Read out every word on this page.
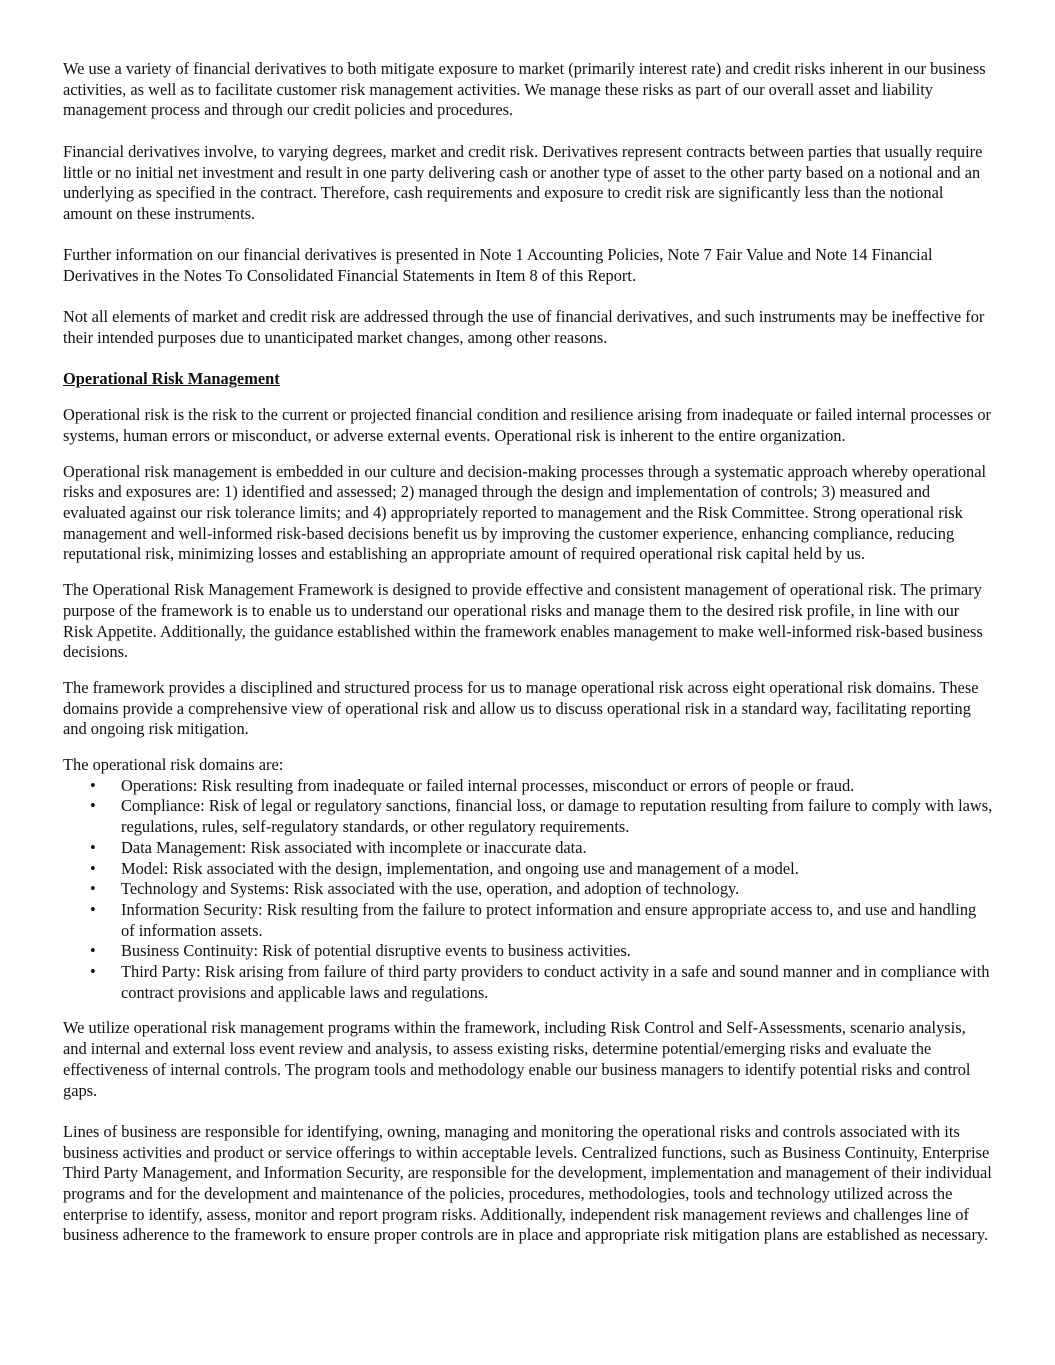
We use a variety of financial derivatives to both mitigate exposure to market (primarily interest rate) and credit risks inherent in our business activities, as well as to facilitate customer risk management activities. We manage these risks as part of our overall asset and liability management process and through our credit policies and procedures.

Financial derivatives involve, to varying degrees, market and credit risk. Derivatives represent contracts between parties that usually require little or no initial net investment and result in one party delivering cash or another type of asset to the other party based on a notional and an underlying as specified in the contract. Therefore, cash requirements and exposure to credit risk are significantly less than the notional amount on these instruments.

Further information on our financial derivatives is presented in Note 1 Accounting Policies, Note 7 Fair Value and Note 14 Financial Derivatives in the Notes To Consolidated Financial Statements in Item 8 of this Report.

Not all elements of market and credit risk are addressed through the use of financial derivatives, and such instruments may be ineffective for their intended purposes due to unanticipated market changes, among other reasons.

Operational Risk Management

Operational risk is the risk to the current or projected financial condition and resilience arising from inadequate or failed internal processes or systems, human errors or misconduct, or adverse external events. Operational risk is inherent to the entire organization.

Operational risk management is embedded in our culture and decision-making processes through a systematic approach whereby operational risks and exposures are: 1) identified and assessed; 2) managed through the design and implementation of controls; 3) measured and evaluated against our risk tolerance limits; and 4) appropriately reported to management and the Risk Committee. Strong operational risk management and well-informed risk-based decisions benefit us by improving the customer experience, enhancing compliance, reducing reputational risk, minimizing losses and establishing an appropriate amount of required operational risk capital held by us.

The Operational Risk Management Framework is designed to provide effective and consistent management of operational risk. The primary purpose of the framework is to enable us to understand our operational risks and manage them to the desired risk profile, in line with our Risk Appetite. Additionally, the guidance established within the framework enables management to make well-informed risk-based business decisions.

The framework provides a disciplined and structured process for us to manage operational risk across eight operational risk domains. These domains provide a comprehensive view of operational risk and allow us to discuss operational risk in a standard way, facilitating reporting and ongoing risk mitigation.

The operational risk domains are:

• Operations: Risk resulting from inadequate or failed internal processes, misconduct or errors of people or fraud.
• Compliance: Risk of legal or regulatory sanctions, financial loss, or damage to reputation resulting from failure to comply with laws, regulations, rules, self-regulatory standards, or other regulatory requirements.
• Data Management: Risk associated with incomplete or inaccurate data.
• Model: Risk associated with the design, implementation, and ongoing use and management of a model.
• Technology and Systems: Risk associated with the use, operation, and adoption of technology.
• Information Security: Risk resulting from the failure to protect information and ensure appropriate access to, and use and handling of information assets.
• Business Continuity: Risk of potential disruptive events to business activities.
• Third Party: Risk arising from failure of third party providers to conduct activity in a safe and sound manner and in compliance with contract provisions and applicable laws and regulations.

We utilize operational risk management programs within the framework, including Risk Control and Self-Assessments, scenario analysis, and internal and external loss event review and analysis, to assess existing risks, determine potential/emerging risks and evaluate the effectiveness of internal controls. The program tools and methodology enable our business managers to identify potential risks and control gaps.

Lines of business are responsible for identifying, owning, managing and monitoring the operational risks and controls associated with its business activities and product or service offerings to within acceptable levels. Centralized functions, such as Business Continuity, Enterprise Third Party Management, and Information Security, are responsible for the development, implementation and management of their individual programs and for the development and maintenance of the policies, procedures, methodologies, tools and technology utilized across the enterprise to identify, assess, monitor and report program risks. Additionally, independent risk management reviews and challenges line of business adherence to the framework to ensure proper controls are in place and appropriate risk mitigation plans are established as necessary.
